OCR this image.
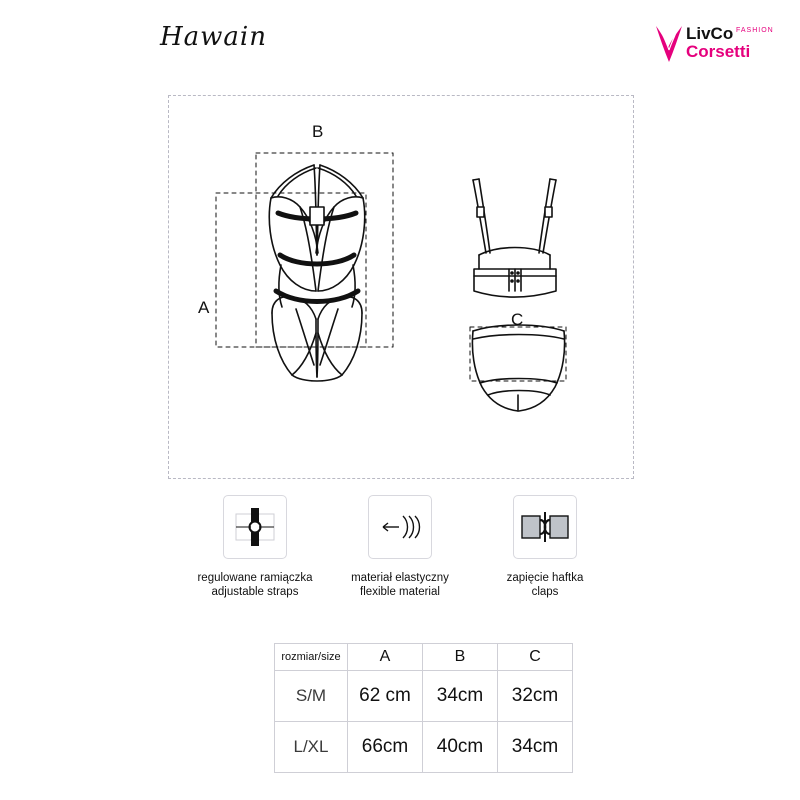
Hawain	LivCo FASHION
Corsetti
A
B
C
regulowane ramiączka
adjustable straps
materiał elastyczny
flexible material
zapięcie haftka
claps
rozmiar/size	A	B	C
S/M	62 cm	34cm	32cm
L/XL	66cm	40cm	34cm
